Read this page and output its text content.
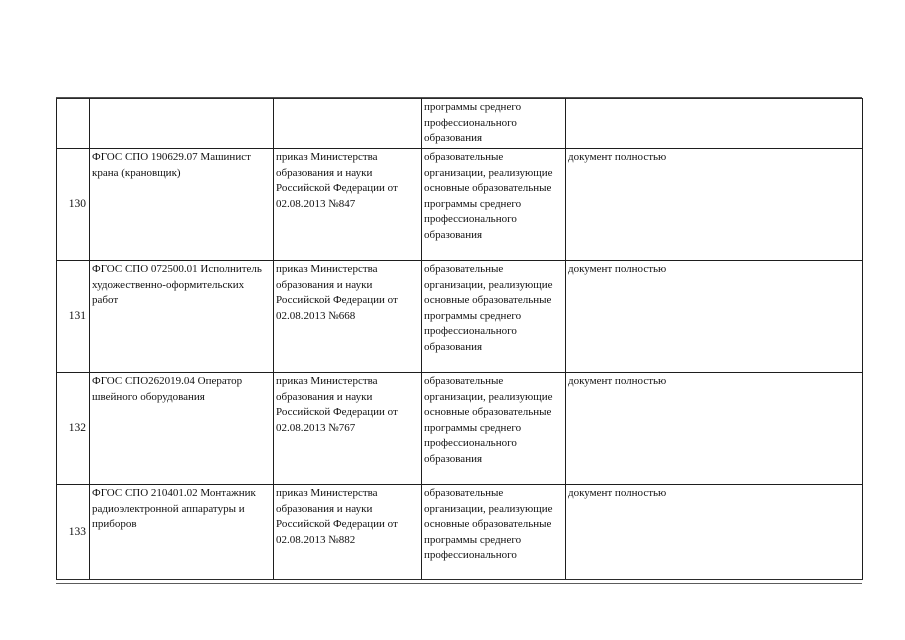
			программы среднего профессионального образования	
130	ФГОС СПО 190629.07 Машинист крана (крановщик)	приказ Министерства образования и науки Российской Федерации от 02.08.2013 №847	образовательные организации, реализующие основные образовательные программы среднего профессионального образования	документ полностью
131	ФГОС СПО 072500.01 Исполнитель художественно-оформительских работ	приказ Министерства образования и науки Российской Федерации от 02.08.2013 №668	образовательные организации, реализующие основные образовательные программы среднего профессионального образования	документ полностью
132	ФГОС СПО262019.04 Оператор швейного оборудования	приказ Министерства образования и науки Российской Федерации от 02.08.2013 №767	образовательные организации, реализующие основные образовательные программы среднего профессионального образования	документ полностью
133	ФГОС СПО 210401.02 Монтажник радиоэлектронной аппаратуры и приборов	приказ Министерства образования и науки Российской Федерации от 02.08.2013 №882	образовательные организации, реализующие основные образовательные программы среднего профессионального	документ полностью
